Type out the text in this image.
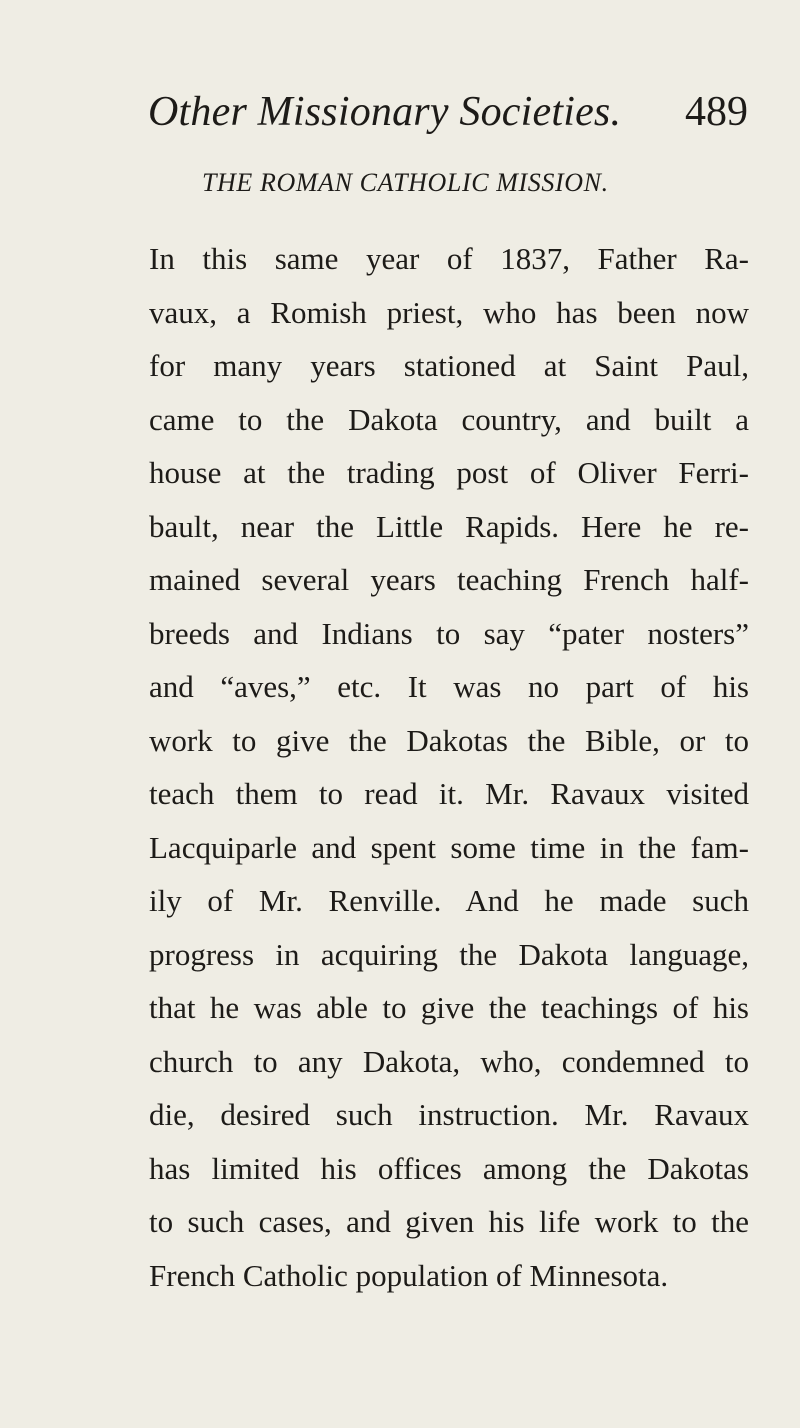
Other Missionary Societies. 489
THE ROMAN CATHOLIC MISSION.
In this same year of 1837, Father Ra-
vaux, a Romish priest, who has been now
for many years stationed at Saint Paul,
came to the Dakota country, and built a
house at the trading post of Oliver Ferri-
bault, near the Little Rapids. Here he re-
mained several years teaching French half-
breeds and Indians to say “pater nosters”
and “aves,” etc. It was no part of his
work to give the Dakotas the Bible, or to
teach them to read it. Mr. Ravaux visited
Lacquiparle and spent some time in the fam-
ily of Mr. Renville. And he made such
progress in acquiring the Dakota language,
that he was able to give the teachings of his
church to any Dakota, who, condemned to
die, desired such instruction. Mr. Ravaux
has limited his offices among the Dakotas
to such cases, and given his life work to the
French Catholic population of Minnesota.
